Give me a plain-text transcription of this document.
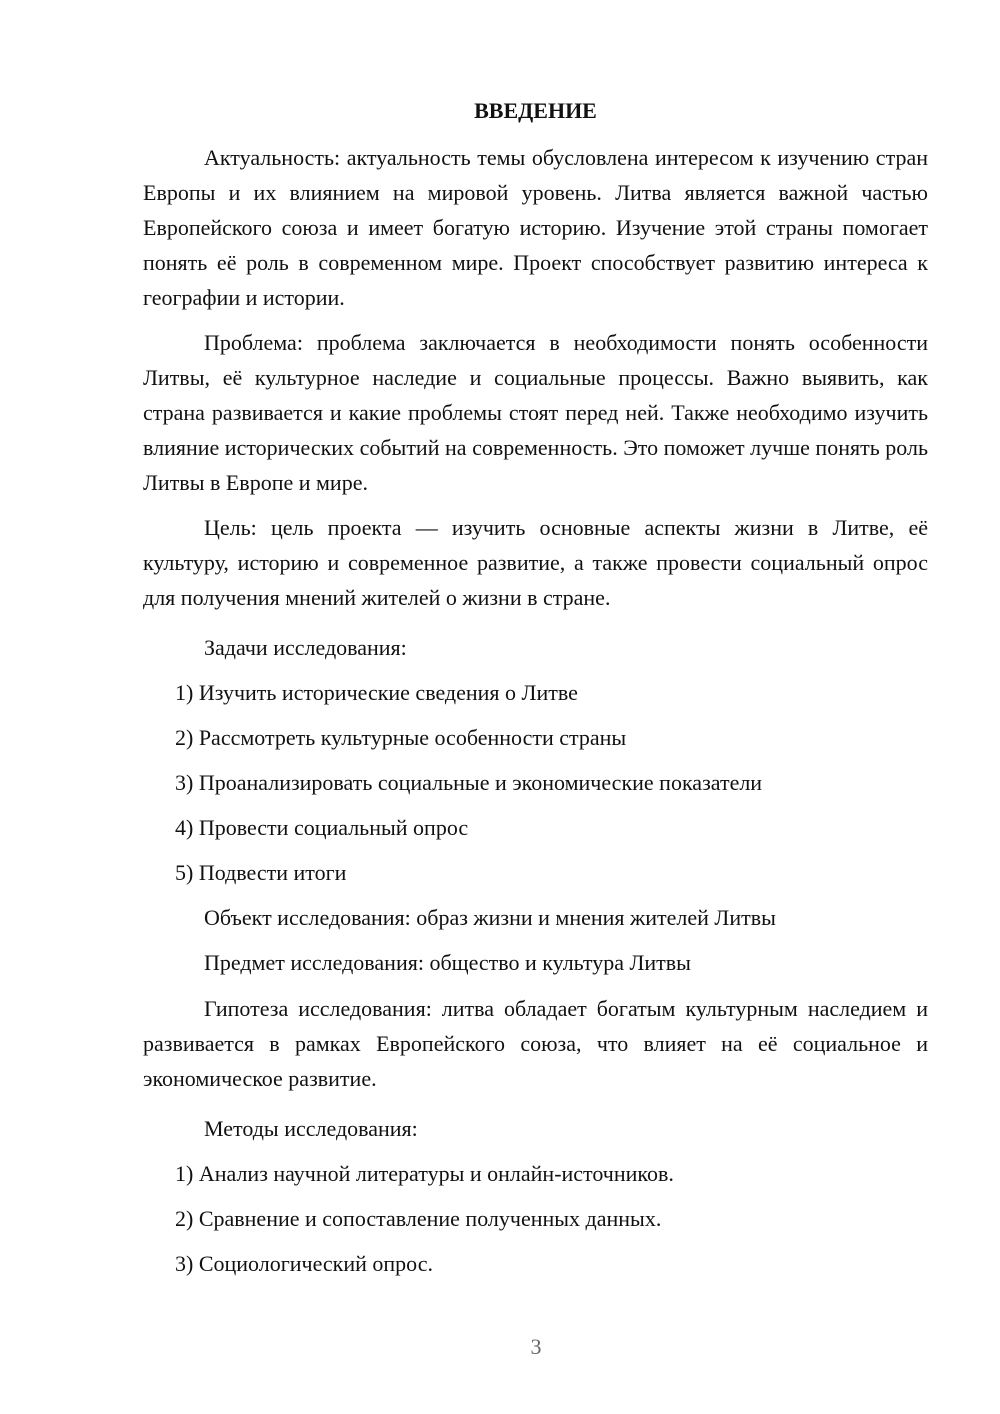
ВВЕДЕНИЕ

Актуальность: актуальность темы обусловлена интересом к изучению стран Европы и их влиянием на мировой уровень. Литва является важной частью Европейского союза и имеет богатую историю. Изучение этой страны помогает понять её роль в современном мире. Проект способствует развитию интереса к географии и истории.

Проблема: проблема заключается в необходимости понять особенности Литвы, её культурное наследие и социальные процессы. Важно выявить, как страна развивается и какие проблемы стоят перед ней. Также необходимо изучить влияние исторических событий на современность. Это поможет лучше понять роль Литвы в Европе и мире.

Цель: цель проекта — изучить основные аспекты жизни в Литве, её культуру, историю и современное развитие, а также провести социальный опрос для получения мнений жителей о жизни в стране.

Задачи исследования:

1) Изучить исторические сведения о Литве

2) Рассмотреть культурные особенности страны

3) Проанализировать социальные и экономические показатели

4) Провести социальный опрос

5) Подвести итоги

Объект исследования: образ жизни и мнения жителей Литвы

Предмет исследования: общество и культура Литвы

Гипотеза исследования: литва обладает богатым культурным наследием и развивается в рамках Европейского союза, что влияет на её социальное и экономическое развитие.

Методы исследования:

1) Анализ научной литературы и онлайн-источников.

2) Сравнение и сопоставление полученных данных.

3) Социологический опрос.

3
